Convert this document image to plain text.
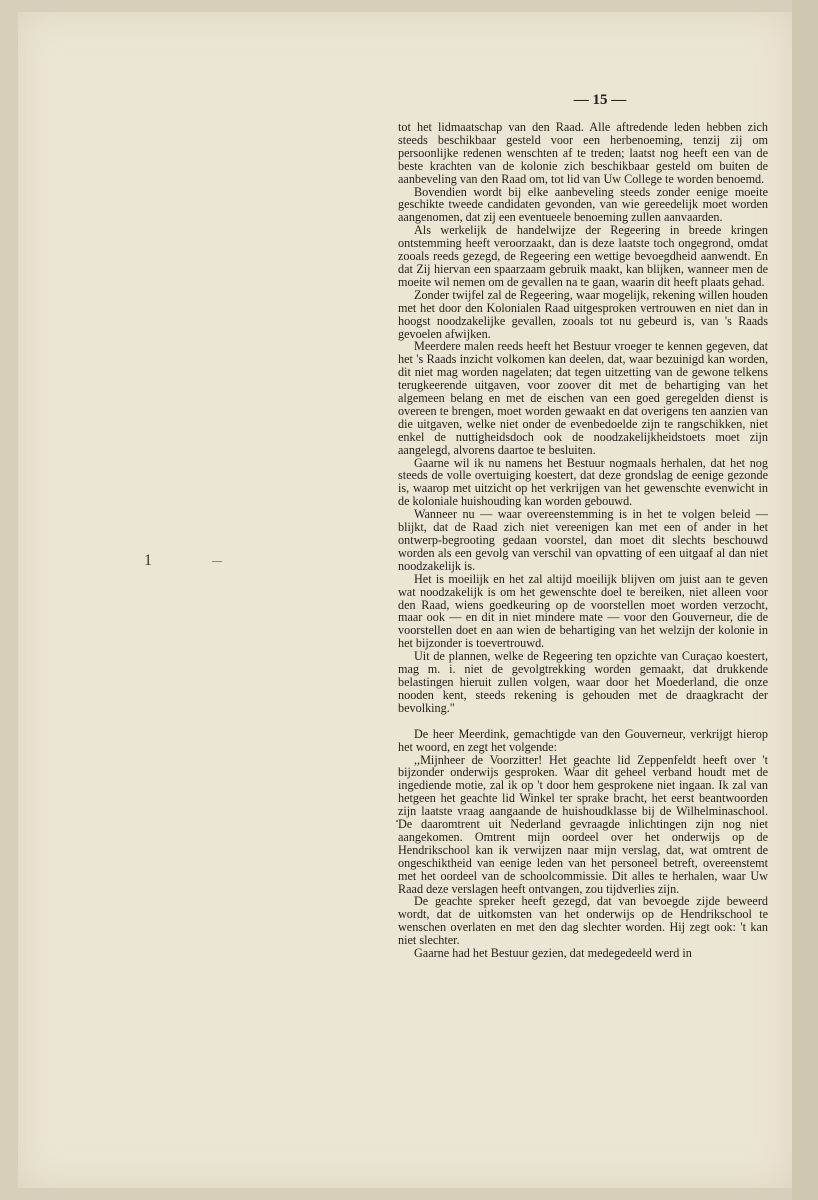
— 15 —
1

tot het lidmaatschap van den Raad. Alle aftredende leden hebben zich steeds beschikbaar gesteld voor een herbenoeming, tenzij zij om persoonlijke redenen wenschten af te treden; laatst nog heeft een van de beste krachten van de kolonie zich beschikbaar gesteld om buiten de aanbeveling van den Raad om, tot lid van Uw College te worden benoemd.

Bovendien wordt bij elke aanbeveling steeds zonder eenige moeite geschikte tweede candidaten gevonden, van wie gereedelijk moet worden aangenomen, dat zij een eventueele benoeming zullen aanvaarden.

Als werkelijk de handelwijze der Regeering in breede kringen ontstemming heeft veroorzaakt, dan is deze laatste toch ongegrond, omdat zooals reeds gezegd, de Regeering een wettige bevoegdheid aanwendt. En dat Zij hiervan een spaarzaam gebruik maakt, kan blijken, wanneer men de moeite wil nemen om de gevallen na te gaan, waarin dit heeft plaats gehad.

Zonder twijfel zal de Regeering, waar mogelijk, rekening willen houden met het door den Kolonialen Raad uitgesproken vertrouwen en niet dan in hoogst noodzakelijke gevallen, zooals tot nu gebeurd is, van 's Raads gevoelen afwijken.

Meerdere malen reeds heeft het Bestuur vroeger te kennen gegeven, dat het 's Raads inzicht volkomen kan deelen, dat, waar bezuinigd kan worden, dit niet mag worden nagelaten; dat tegen uitzetting van de gewone telkens terugkeerende uitgaven, voor zoover dit met de behartiging van het algemeen belang en met de eischen van een goed geregelden dienst is overeen te brengen, moet worden gewaakt en dat overigens ten aanzien van die uitgaven, welke niet onder de evenbedoelde zijn te rangschikken, niet enkel de nuttigheidsdoch ook de noodzakelijkheidstoets moet zijn aangelegd, alvorens daartoe te besluiten.

Gaarne wil ik nu namens het Bestuur nogmaals herhalen, dat het nog steeds de volle overtuiging koestert, dat deze grondslag de eenige gezonde is, waarop met uitzicht op het verkrijgen van het gewenschte evenwicht in de koloniale huishouding kan worden gebouwd.

Wanneer nu — waar overeenstemming is in het te volgen beleid — blijkt, dat de Raad zich niet vereenigen kan met een of ander in het ontwerp-begrooting gedaan voorstel, dan moet dit slechts beschouwd worden als een gevolg van verschil van opvatting of een uitgaaf al dan niet noodzakelijk is.

Het is moeilijk en het zal altijd moeilijk blijven om juist aan te geven wat noodzakelijk is om het gewenschte doel te bereiken, niet alleen voor den Raad, wiens goedkeuring op de voorstellen moet worden verzocht, maar ook — en dit in niet mindere mate — voor den Gouverneur, die de voorstellen doet en aan wien de behartiging van het welzijn der kolonie in het bijzonder is toevertrouwd.

Uit de plannen, welke de Regeering ten opzichte van Curaçao koestert, mag m. i. niet de gevolgtrekking worden gemaakt, dat drukkende belastingen hieruit zullen volgen, waar door het Moederland, die onze nooden kent, steeds rekening is gehouden met de draagkracht der bevolking."

De heer Meerdink, gemachtigde van den Gouverneur, verkrijgt hierop het woord, en zegt het volgende:

,,Mijnheer de Voorzitter! Het geachte lid Zeppenfeldt heeft over 't bijzonder onderwijs gesproken. Waar dit geheel verband houdt met de ingediende motie, zal ik op 't door hem gesprokene niet ingaan. Ik zal van hetgeen het geachte lid Winkel ter sprake bracht, het eerst beantwoorden zijn laatste vraag aangaande de huishoudklasse bij de Wilhelminaschool. De daaromtrent uit Nederland gevraagde inlichtingen zijn nog niet aangekomen. Omtrent mijn oordeel over het onderwijs op de Hendrikschool kan ik verwijzen naar mijn verslag, dat, wat omtrent de ongeschiktheid van eenige leden van het personeel betreft, overeenstemt met het oordeel van de schoolcommissie. Dit alles te herhalen, waar Uw Raad deze verslagen heeft ontvangen, zou tijdverlies zijn.

De geachte spreker heeft gezegd, dat van bevoegde zijde beweerd wordt, dat de uitkomsten van het onderwijs op de Hendrikschool te wenschen overlaten en met den dag slechter worden. Hij zegt ook: 't kan niet slechter.

Gaarne had het Bestuur gezien, dat medegedeeld werd in
